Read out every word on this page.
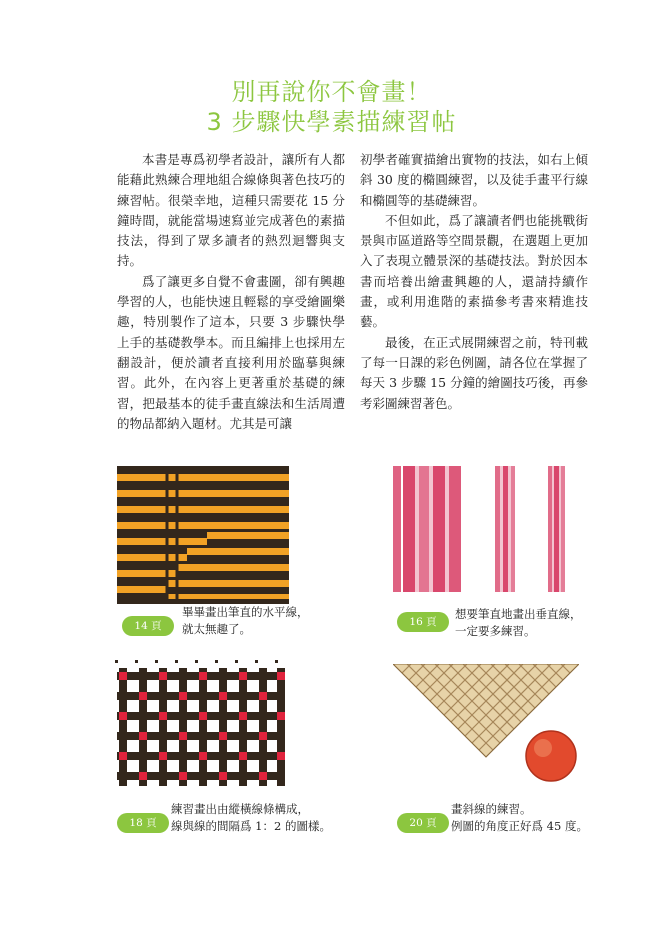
別再說你不會畫！
3 步驟快學素描練習帖

本書是專爲初學者設計，讓所有人都能藉此熟練合理地組合線條與著色技巧的練習帖。很榮幸地，這種只需要花 15 分鐘時間，就能當場速寫並完成著色的素描技法，得到了眾多讀者的熱烈迴響與支持。

爲了讓更多自覺不會畫圖，卻有興趣學習的人，也能快速且輕鬆的享受繪圖樂趣，特別製作了這本，只要 3 步驟快學上手的基礎教學本。而且編排上也採用左翻設計，便於讀者直接利用於臨摹與練習。此外，在內容上更著重於基礎的練習，把最基本的徒手畫直線法和生活周遭的物品都納入題材。尤其是可讓

初學者確實描繪出實物的技法，如右上傾斜 30 度的橢圓練習，以及徒手畫平行線和橢圓等的基礎練習。

不但如此，爲了讓讀者們也能挑戰街景與市區道路等空間景觀，在選題上更加入了表現立體景深的基礎技法。對於因本書而培養出繪畫興趣的人，還請持續作畫，或利用進階的素描參考書來精進技藝。

最後，在正式展開練習之前，特刊載了每一日課的彩色例圖，請各位在掌握了每天 3 步驟 15 分鐘的繪圖技巧後，再參考彩圖練習著色。

14 頁
畢畢畫出筆直的水平線，
就太無趣了。	16 頁
想要筆直地畫出垂直線，
一定要多練習。
18 頁
練習畫出由縱橫線條構成，
線與線的間隔爲 1：2 的圖樣。	20 頁
畫斜線的練習。
例圖的角度正好爲 45 度。
